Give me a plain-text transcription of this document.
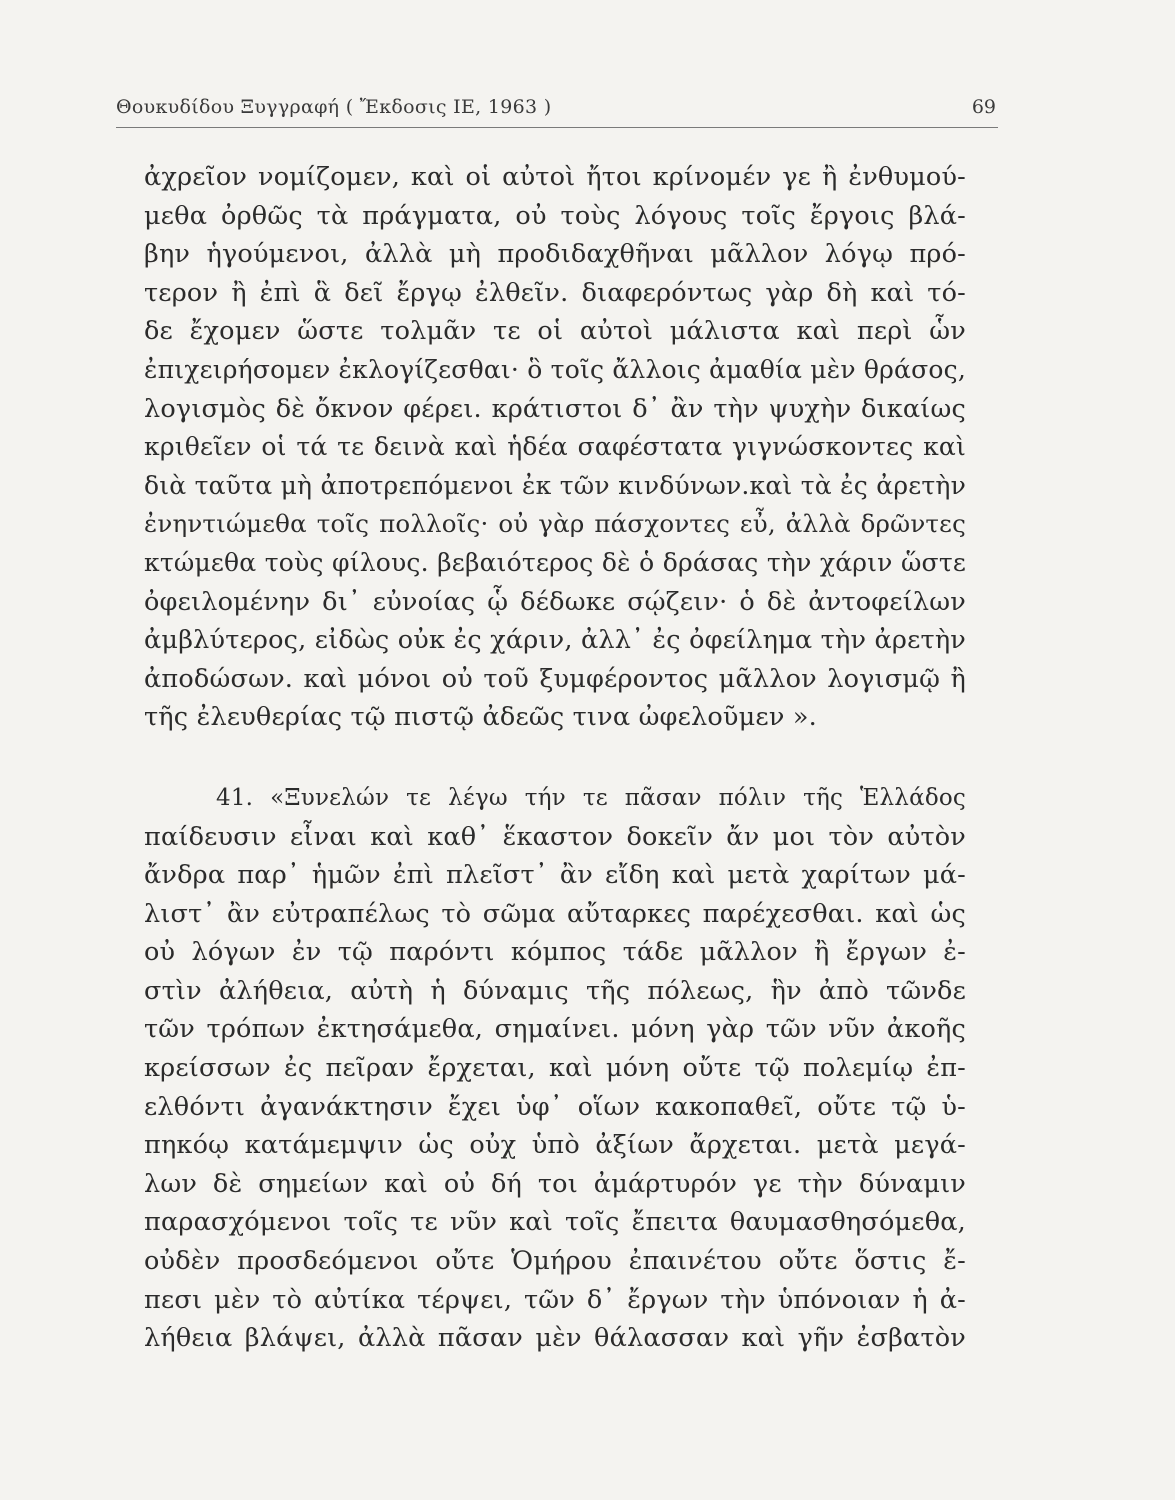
Θουκυδίδου Ξυγγραφή ( Ἔκδοσις ΙΕ, 1963 )	69
ἀχρεῖον νομίζομεν, καὶ οἱ αὐτοὶ ἤτοι κρίνομέν γε ἢ ἐνθυμού-
μεθα ὀρθῶς τὰ πράγματα, οὐ τοὺς λόγους τοῖς ἔργοις βλά-
βην ἡγούμενοι, ἀλλὰ μὴ προδιδαχθῆναι μᾶλλον λόγῳ πρό-
τερον ἢ ἐπὶ ἃ δεῖ ἔργῳ ἐλθεῖν. διαφερόντως γὰρ δὴ καὶ τό-
δε ἔχομεν ὥστε τολμᾶν τε οἱ αὐτοὶ μάλιστα καὶ περὶ ὧν
ἐπιχειρήσομεν ἐκλογίζεσθαι· ὃ τοῖς ἄλλοις ἀμαθία μὲν θράσος,
λογισμὸς δὲ ὄκνον φέρει. κράτιστοι δ᾽ ἂν τὴν ψυχὴν δικαίως
κριθεῖεν οἱ τά τε δεινὰ καὶ ἡδέα σαφέστατα γιγνώσκοντες καὶ
διὰ ταῦτα μὴ ἀποτρεπόμενοι ἐκ τῶν κινδύνων.καὶ τὰ ἐς ἀρετὴν
ἐνηντιώμεθα τοῖς πολλοῖς· οὐ γὰρ πάσχοντες εὖ, ἀλλὰ δρῶντες
κτώμεθα τοὺς φίλους. βεβαιότερος δὲ ὁ δράσας τὴν χάριν ὥστε
ὀφειλομένην δι᾽ εὐνοίας ᾧ δέδωκε σῴζειν· ὁ δὲ ἀντοφείλων
ἀμβλύτερος, εἰδὼς οὐκ ἐς χάριν, ἀλλ᾽ ἐς ὀφείλημα τὴν ἀρετὴν
ἀποδώσων. καὶ μόνοι οὐ τοῦ ξυμφέροντος μᾶλλον λογισμῷ ἢ
τῆς ἐλευθερίας τῷ πιστῷ ἀδεῶς τινα ὠφελοῦμεν ».
41. «Ξυνελών τε λέγω τήν τε πᾶσαν πόλιν τῆς Ἑλλάδος
παίδευσιν εἶναι καὶ καθ᾽ ἕκαστον δοκεῖν ἄν μοι τὸν αὐτὸν
ἄνδρα παρ᾽ ἡμῶν ἐπὶ πλεῖστ᾽ ἂν εἴδη καὶ μετὰ χαρίτων μά-
λιστ᾽ ἂν εὐτραπέλως τὸ σῶμα αὔταρκες παρέχεσθαι. καὶ ὡς
οὐ λόγων ἐν τῷ παρόντι κόμπος τάδε μᾶλλον ἢ ἔργων ἐ-
στὶν ἀλήθεια, αὐτὴ ἡ δύναμις τῆς πόλεως, ἣν ἀπὸ τῶνδε
τῶν τρόπων ἐκτησάμεθα, σημαίνει. μόνη γὰρ τῶν νῦν ἀκοῆς
κρείσσων ἐς πεῖραν ἔρχεται, καὶ μόνη οὔτε τῷ πολεμίῳ ἐπ-
ελθόντι ἀγανάκτησιν ἔχει ὑφ᾽ οἵων κακοπαθεῖ, οὔτε τῷ ὑ-
πηκόῳ κατάμεμψιν ὡς οὐχ ὑπὸ ἀξίων ἄρχεται. μετὰ μεγά-
λων δὲ σημείων καὶ οὐ δή τοι ἀμάρτυρόν γε τὴν δύναμιν
παρασχόμενοι τοῖς τε νῦν καὶ τοῖς ἔπειτα θαυμασθησόμεθα,
οὐδὲν προσδεόμενοι οὔτε Ὁμήρου ἐπαινέτου οὔτε ὅστις ἔ-
πεσι μὲν τὸ αὐτίκα τέρψει, τῶν δ᾽ ἔργων τὴν ὑπόνοιαν ἡ ἀ-
λήθεια βλάψει, ἀλλὰ πᾶσαν μὲν θάλασσαν καὶ γῆν ἐσβατὸν
